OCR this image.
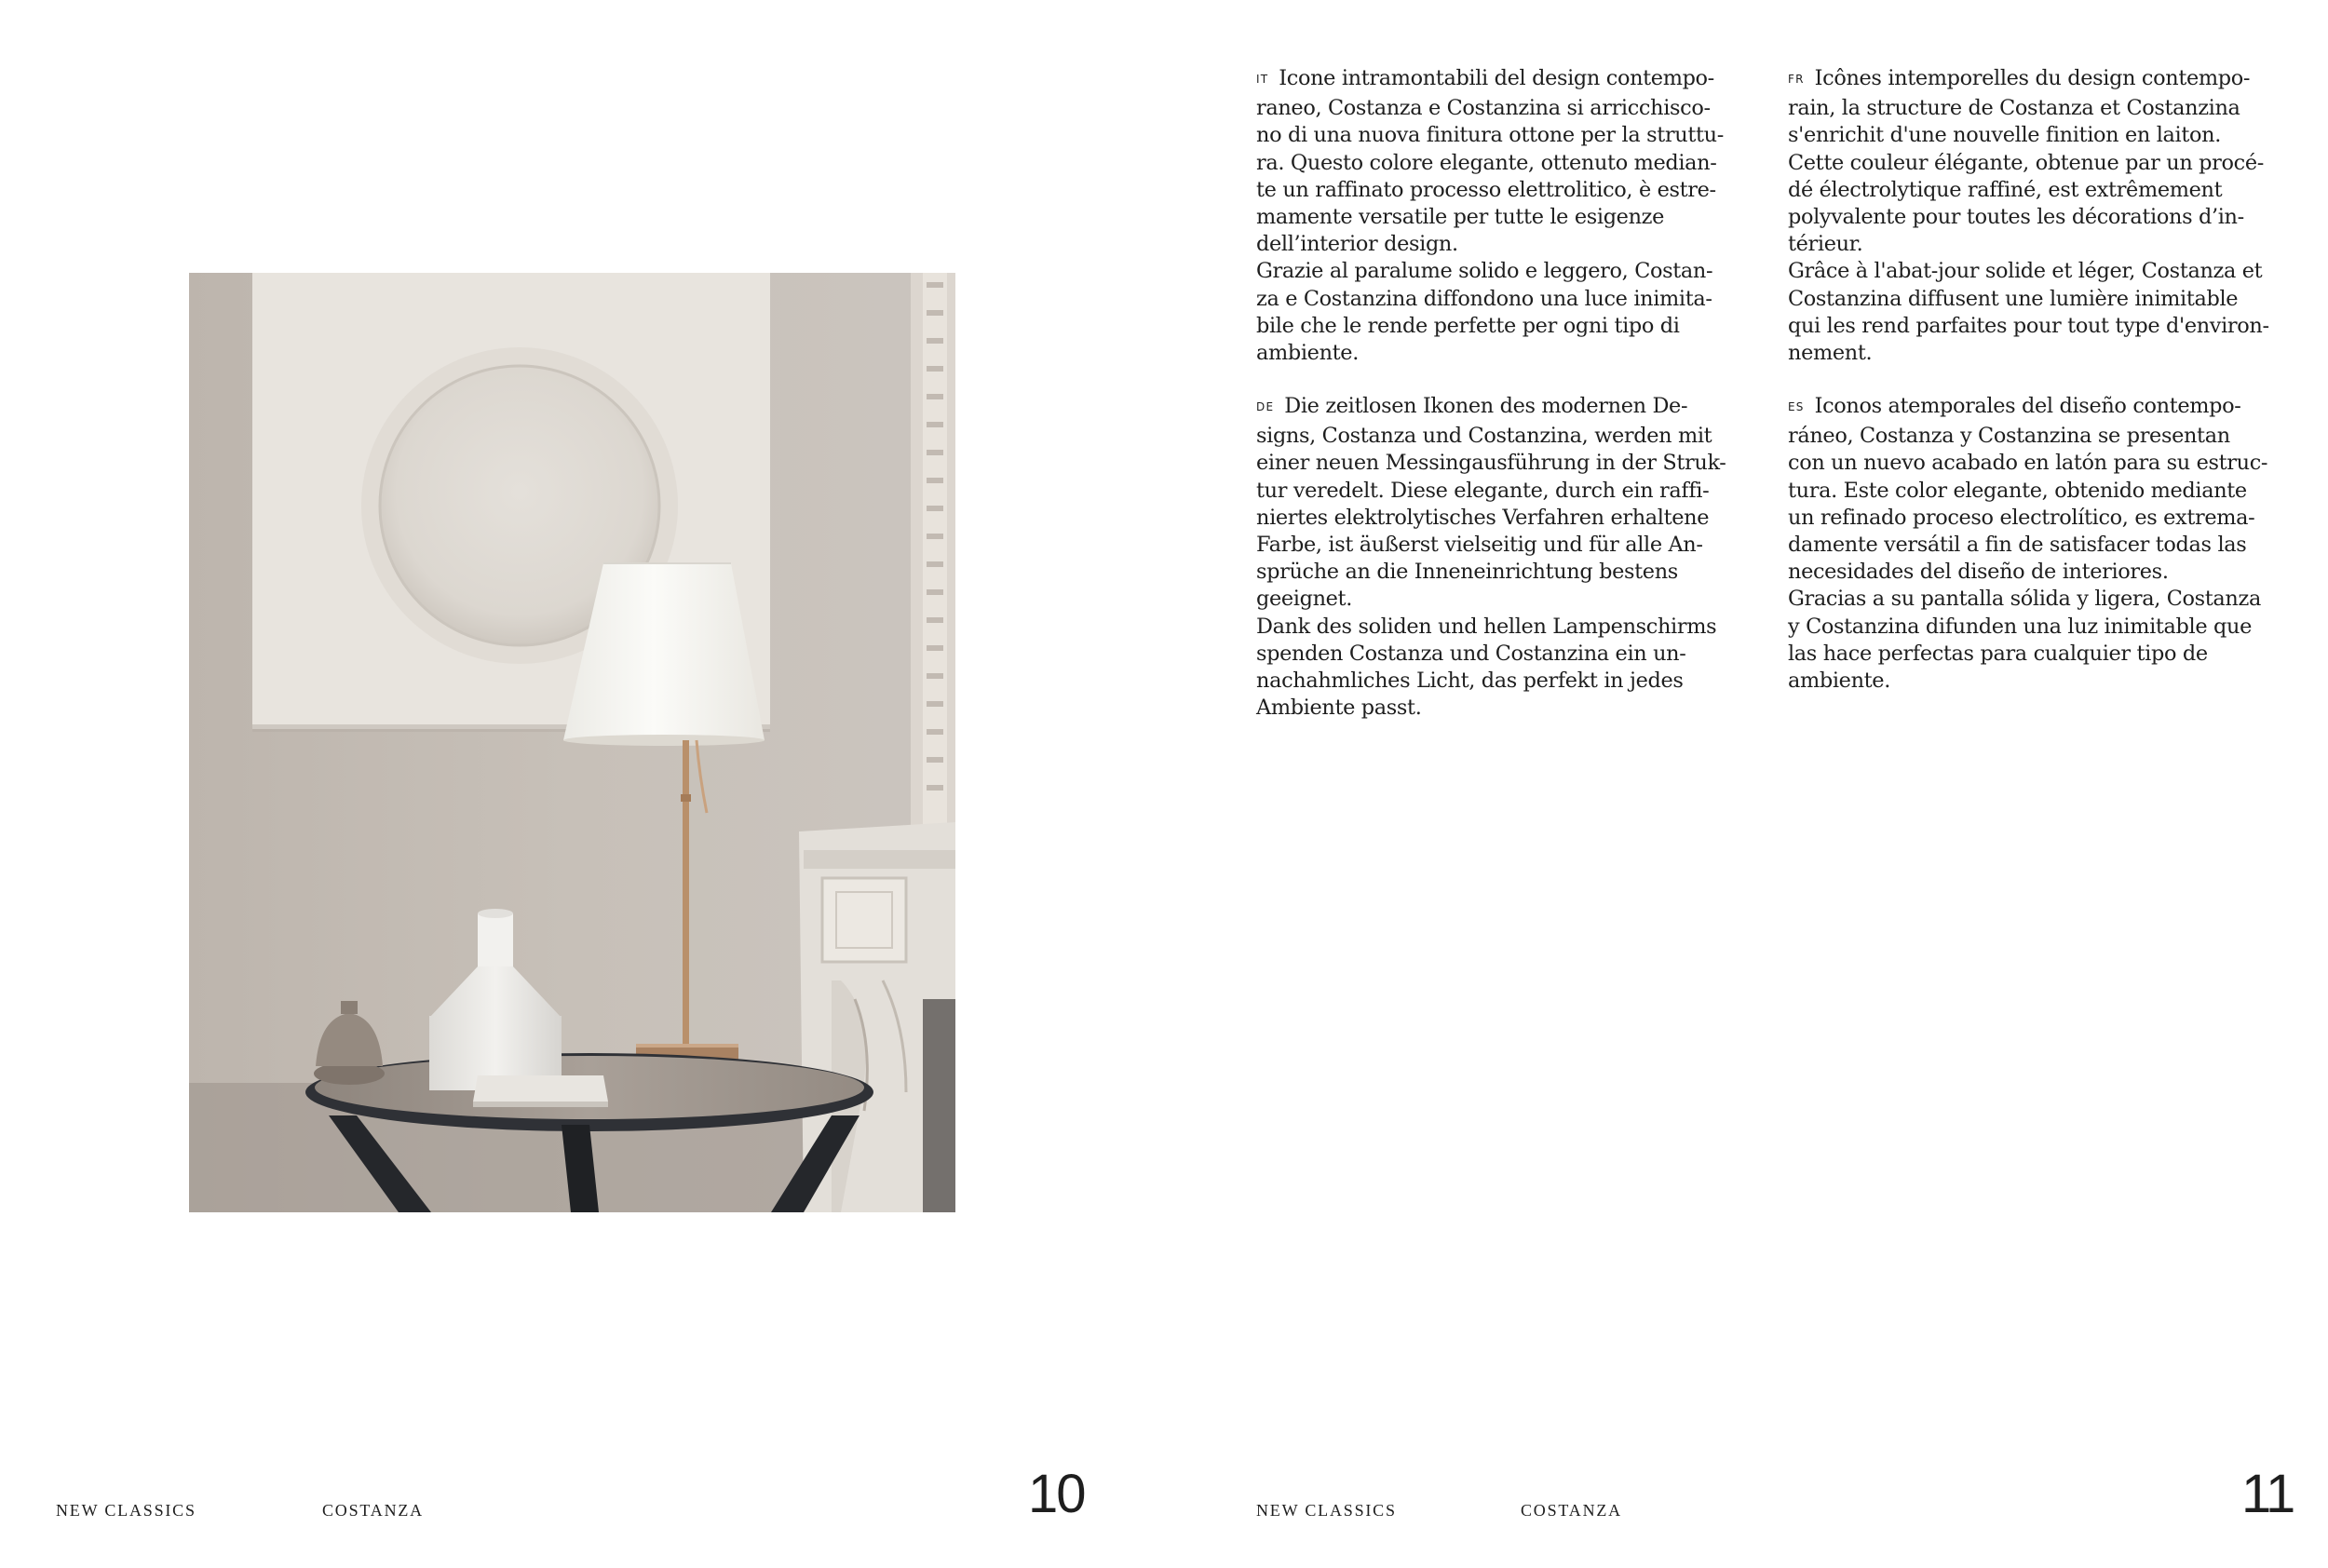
IT Icone intramontabili del design contempo-
raneo, Costanza e Costanzina si arricchisco-
no di una nuova finitura ottone per la struttu-
ra. Questo colore elegante, ottenuto median-
te un raffinato processo elettrolitico, è estre-
mamente versatile per tutte le esigenze
dell’interior design.
Grazie al paralume solido e leggero, Costan-
za e Costanzina diffondono una luce inimita-
bile che le rende perfette per ogni tipo di
ambiente.

FR Icônes intemporelles du design contempo-
rain, la structure de Costanza et Costanzina
s'enrichit d'une nouvelle finition en laiton.
Cette couleur élégante, obtenue par un procé-
dé électrolytique raffiné, est extrêmement
polyvalente pour toutes les décorations d’in-
térieur.
Grâce à l'abat-jour solide et léger, Costanza et
Costanzina diffusent une lumière inimitable
qui les rend parfaites pour tout type d'environ-
nement.

DE Die zeitlosen Ikonen des modernen De-
signs, Costanza und Costanzina, werden mit
einer neuen Messingausführung in der Struk-
tur veredelt. Diese elegante, durch ein raffi-
niertes elektrolytisches Verfahren erhaltene
Farbe, ist äußerst vielseitig und für alle An-
sprüche an die Inneneinrichtung bestens
geeignet.
Dank des soliden und hellen Lampenschirms
spenden Costanza und Costanzina ein un-
nachahmliches Licht, das perfekt in jedes
Ambiente passt.

ES Iconos atemporales del diseño contempo-
ráneo, Costanza y Costanzina se presentan
con un nuevo acabado en latón para su estruc-
tura. Este color elegante, obtenido mediante
un refinado proceso electrolítico, es extrema-
damente versátil a fin de satisfacer todas las
necesidades del diseño de interiores.
Gracias a su pantalla sólida y ligera, Costanza
y Costanzina difunden una luz inimitable que
las hace perfectas para cualquier tipo de
ambiente.

NEW CLASSICS	COSTANZA	10	NEW CLASSICS	COSTANZA	11
